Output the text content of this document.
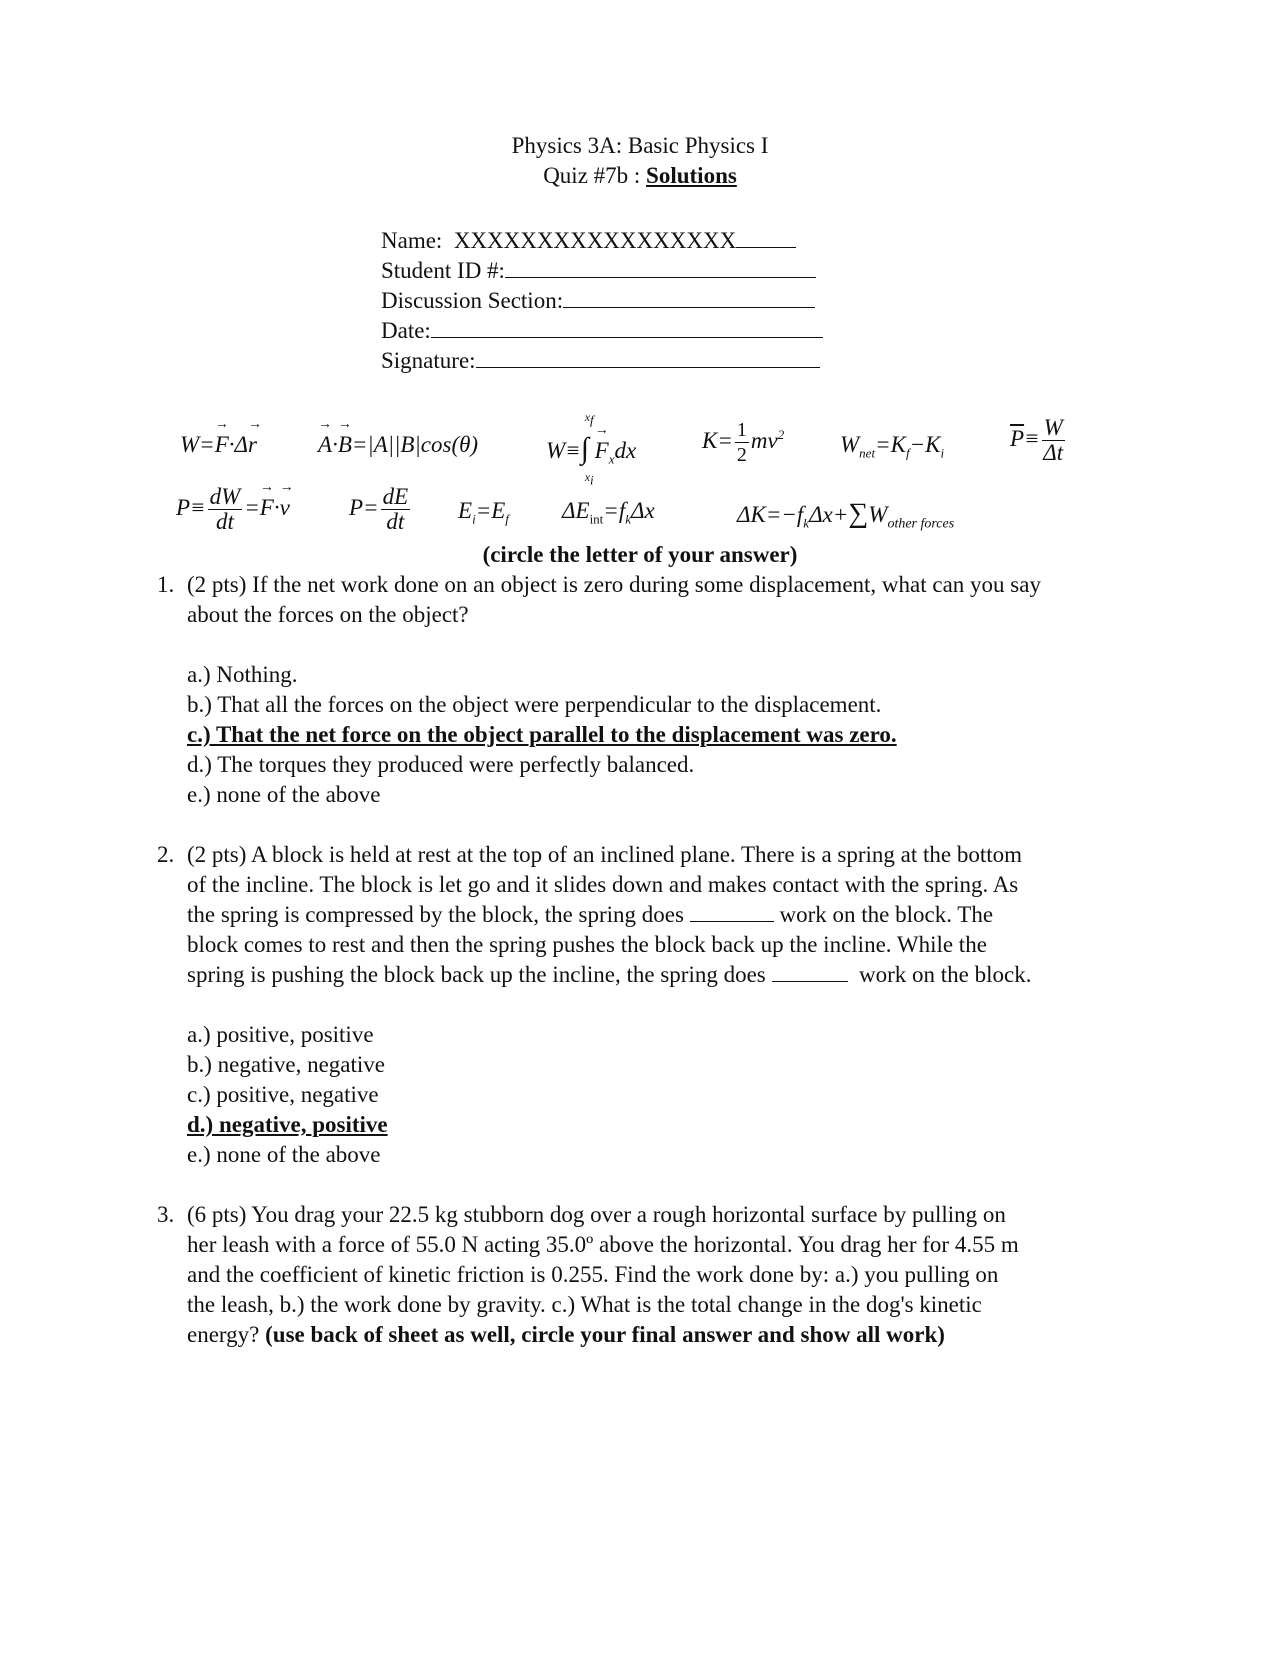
Physics 3A: Basic Physics I
Quiz #7b : Solutions
Name: XXXXXXXXXXXXXXXXX
Student ID #:
Discussion Section:
Date:
Signature:
W=F →·Δr →	A →·B →=|A||B|cos(θ)	W≡∫
$x_f$
$x_i$
$F \to_xdx$	$K= \frac{1}{2} mv^2$ $W_{net}=K_f-K_i$
$\overline{P}\equiv \frac{W}{\Delta t}$
$P\equiv \frac{dW}{dt} =F \to\cdot v$ →	$P= \frac{dE}{dt} E_i=E_f$ $\Delta E_{int}=f_k\Delta x$	$\Delta K=-f_k\Delta x+\sum W_{other forces}$
(circle the letter of your answer)
1. (2 pts) If the net work done on an object is zero during some displacement, what can you say
about the forces on the object?
a.) Nothing.
b.) That all the forces on the object were perpendicular to the displacement.
c.) That the net force on the object parallel to the displacement was zero.
d.) The torques they produced were perfectly balanced.
e.) none of the above
2. (2 pts) A block is held at rest at the top of an inclined plane. There is a spring at the bottom
of the incline. The block is let go and it slides down and makes contact with the spring. As
the spring is compressed by the block, the spring does	work on the block. The
block comes to rest and then the spring pushes the block back up the incline. While the
spring is pushing the block back up the incline, the spring does	work on the block.
a.) positive, positive
b.) negative, negative
c.) positive, negative
d.) negative, positive
e.) none of the above
3. (6 pts) You drag your 22.5 kg stubborn dog over a rough horizontal surface by pulling on
her leash with a force of 55.0 N acting 35.0º above the horizontal. You drag her for 4.55 m
and the coefficient of kinetic friction is 0.255. Find the work done by: a.) you pulling on
the leash, b.) the work done by gravity. c.) What is the total change in the dog's kinetic
energy? (use back of sheet as well, circle your final answer and show all work)
